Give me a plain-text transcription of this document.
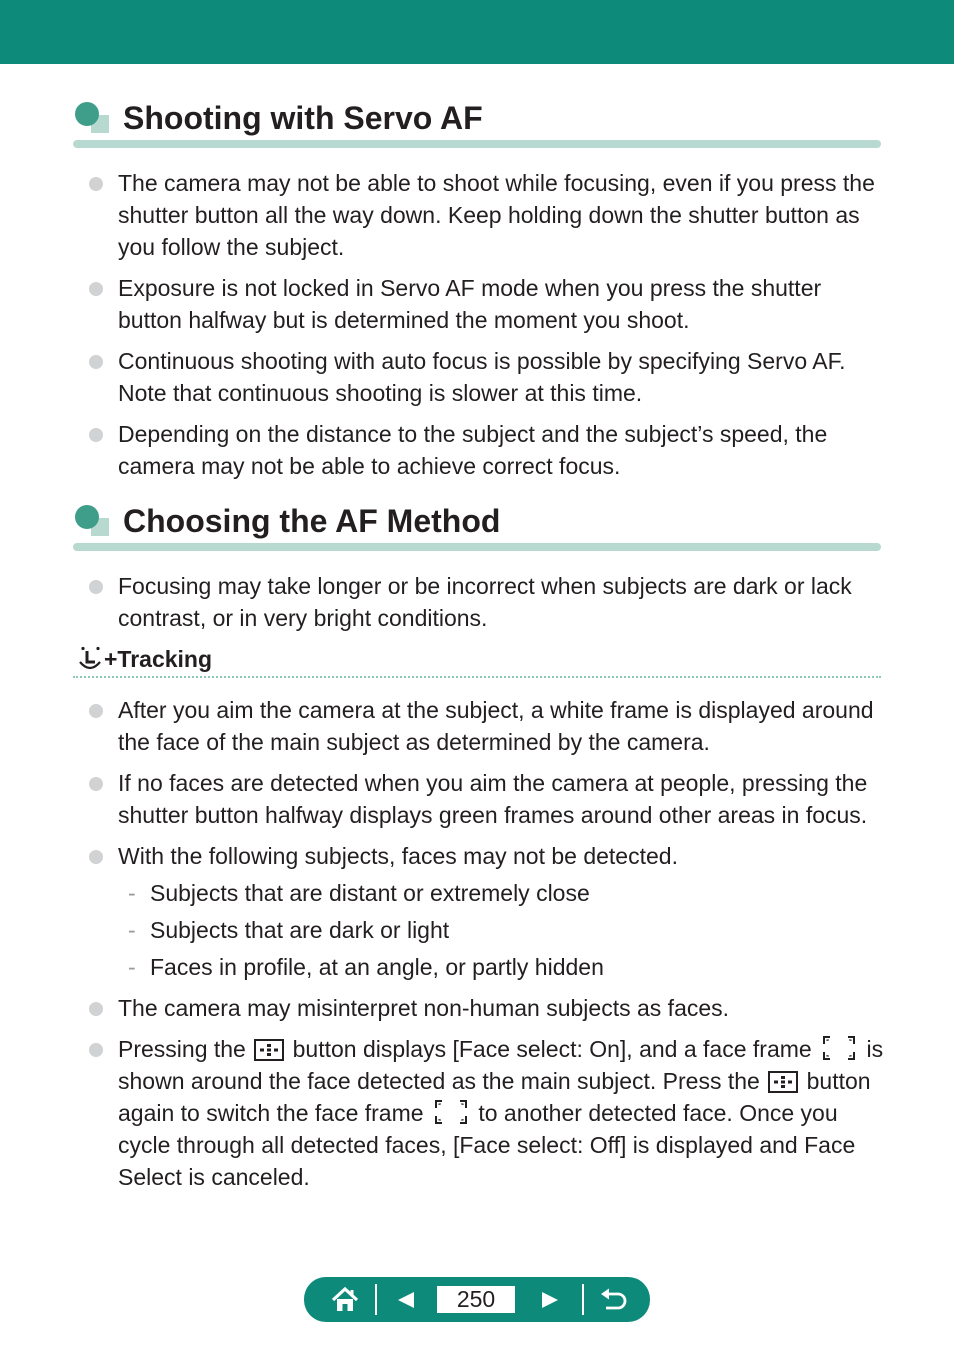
Shooting with Servo AF
The camera may not be able to shoot while focusing, even if you press the shutter button all the way down. Keep holding down the shutter button as you follow the subject.
Exposure is not locked in Servo AF mode when you press the shutter button halfway but is determined the moment you shoot.
Continuous shooting with auto focus is possible by specifying Servo AF. Note that continuous shooting is slower at this time.
Depending on the distance to the subject and the subject’s speed, the camera may not be able to achieve correct focus.
Choosing the AF Method
Focusing may take longer or be incorrect when subjects are dark or lack contrast, or in very bright conditions.
+Tracking
After you aim the camera at the subject, a white frame is displayed around the face of the main subject as determined by the camera.
If no faces are detected when you aim the camera at people, pressing the shutter button halfway displays green frames around other areas in focus.
With the following subjects, faces may not be detected.
- Subjects that are distant or extremely close
- Subjects that are dark or light
- Faces in profile, at an angle, or partly hidden
The camera may misinterpret non-human subjects as faces.
Pressing the button displays [Face select: On], and a face frame is shown around the face detected as the main subject. Press the button again to switch the face frame to another detected face. Once you cycle through all detected faces, [Face select: Off] is displayed and Face Select is canceled.
250
